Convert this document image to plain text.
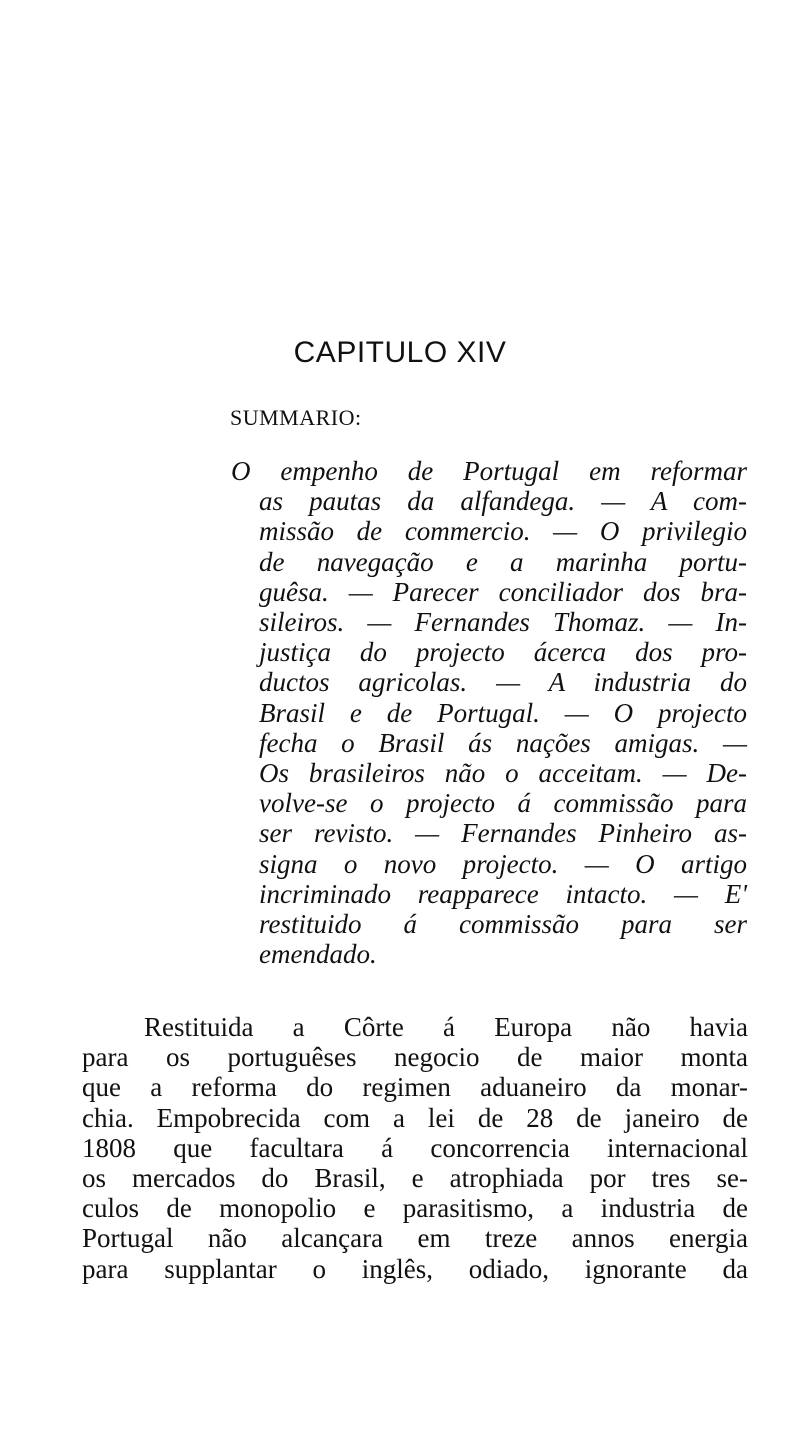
CAPITULO XIV

SUMMARIO:

O empenho de Portugal em reformar
as pautas da alfandega. — A com-
missão de commercio. — O privilegio
de navegação e a marinha portu-
guêsa. — Parecer conciliador dos bra-
sileiros. — Fernandes Thomaz. — In-
justiça do projecto ácerca dos pro-
ductos agricolas. — A industria do
Brasil e de Portugal. — O projecto
fecha o Brasil ás nações amigas. —
Os brasileiros não o acceitam. — De-
volve-se o projecto á commissão para
ser revisto. — Fernandes Pinheiro as-
signa o novo projecto. — O artigo
incriminado reapparece intacto. — E'
restituido á commissão para ser
emendado.
Restituida a Côrte á Europa não havia
para os portuguêses negocio de maior monta
que a reforma do regimen aduaneiro da monar-
chia. Empobrecida com a lei de 28 de janeiro de
1808 que facultara á concorrencia internacional
os mercados do Brasil, e atrophiada por tres se-
culos de monopolio e parasitismo, a industria de
Portugal não alcançara em treze annos energia
para supplantar o inglês, odiado, ignorante da
